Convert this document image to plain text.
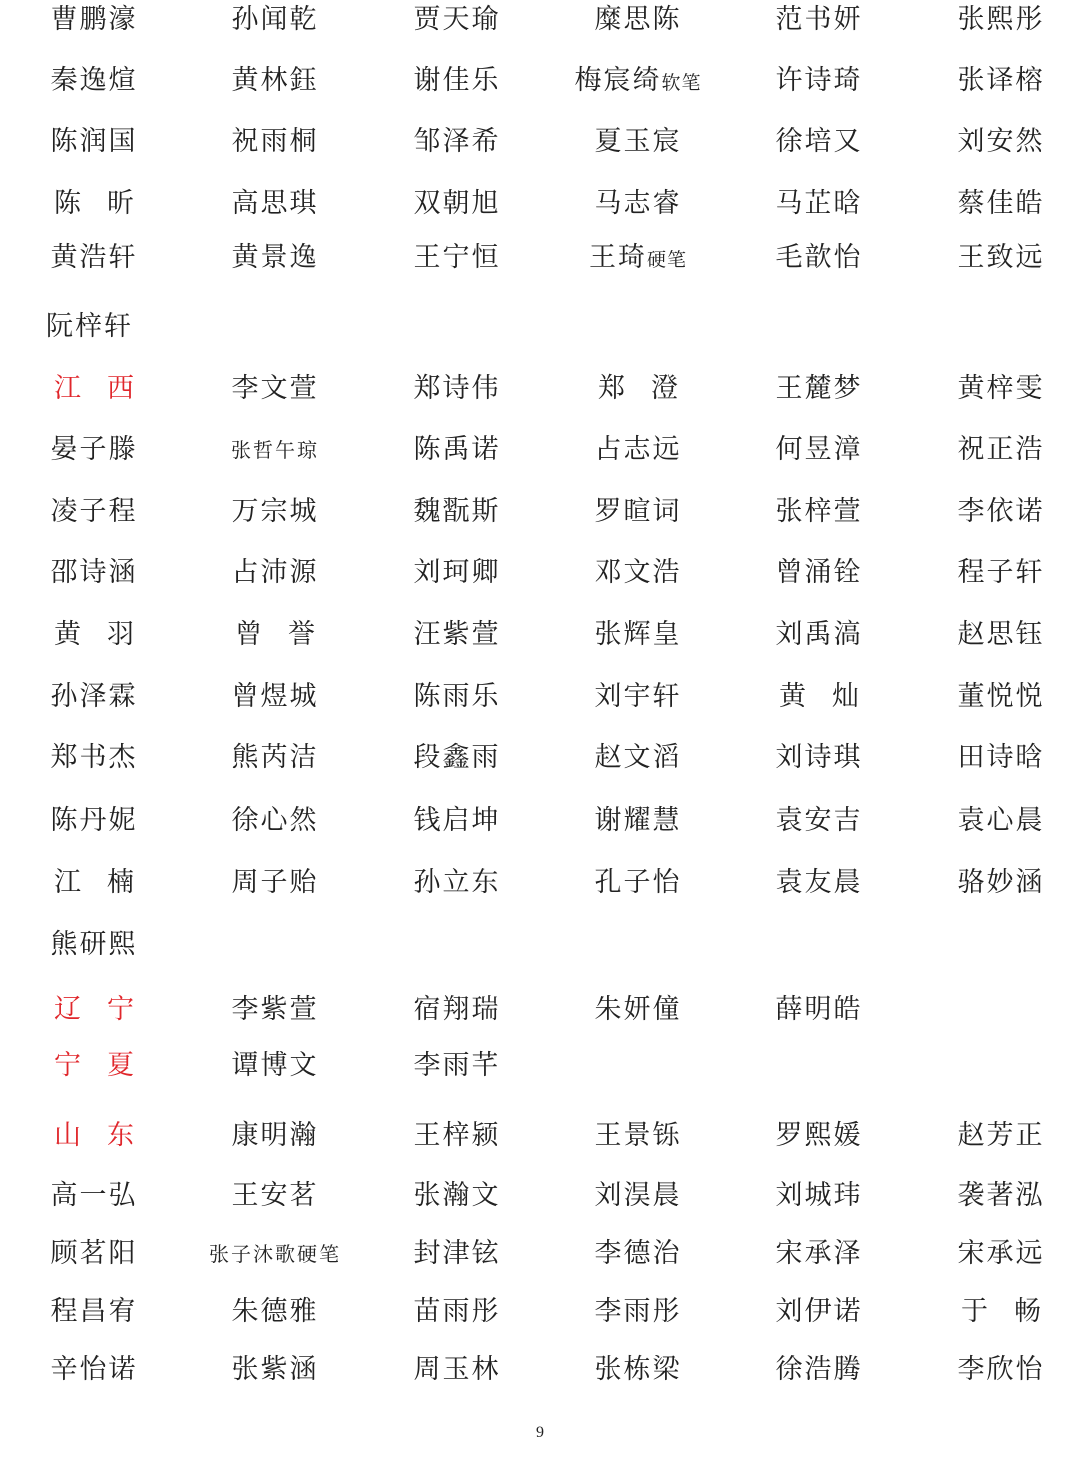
曹鹏濠	孙闻乾	贾天瑜	糜思陈	范书妍	张熙彤
秦逸煊	黄林鈺	谢佳乐	梅宸绮软笔	许诗琦	张译榕
陈润国	祝雨桐	邹泽希	夏玉宸	徐培又	刘安然
陈昕	高思琪	双朝旭	马志睿	马芷晗	蔡佳皓
黄浩轩	黄景逸	王宁恒	王琦硬笔	毛歆怡	王致远
阮梓轩
江西	李文萱	郑诗伟	郑澄	王麓梦	黄梓雯
晏子滕	张哲午琼	陈禹诺	占志远	何昱漳	祝正浩
凌子程	万宗城	魏翫斯	罗暄词	张梓萱	李依诺
邵诗涵	占沛源	刘珂卿	邓文浩	曾涌铨	程子轩
黄羽	曾誉	汪紫萱	张辉皇	刘禹滈	赵思钰
孙泽霖	曾煜城	陈雨乐	刘宇轩	黄灿	董悦悦
郑书杰	熊芮洁	段鑫雨	赵文滔	刘诗琪	田诗晗
陈丹妮	徐心然	钱启坤	谢耀慧	袁安吉	袁心晨
江楠	周子贻	孙立东	孔子怡	袁友晨	骆妙涵
熊研熙
辽宁	李紫萱	宿翔瑞	朱妍僮	薛明皓
宁夏	谭博文	李雨芊
山东	康明瀚	王梓颍	王景铄	罗熙媛	赵芳正
高一弘	王安茗	张瀚文	刘淏晨	刘城玮	袭著泓
顾茗阳	张子沐歌硬笔	封津铉	李德治	宋承泽	宋承远
程昌宥	朱德雅	苗雨彤	李雨彤	刘伊诺	于畅
辛怡诺	张紫涵	周玉林	张栋梁	徐浩腾	李欣怡
9
